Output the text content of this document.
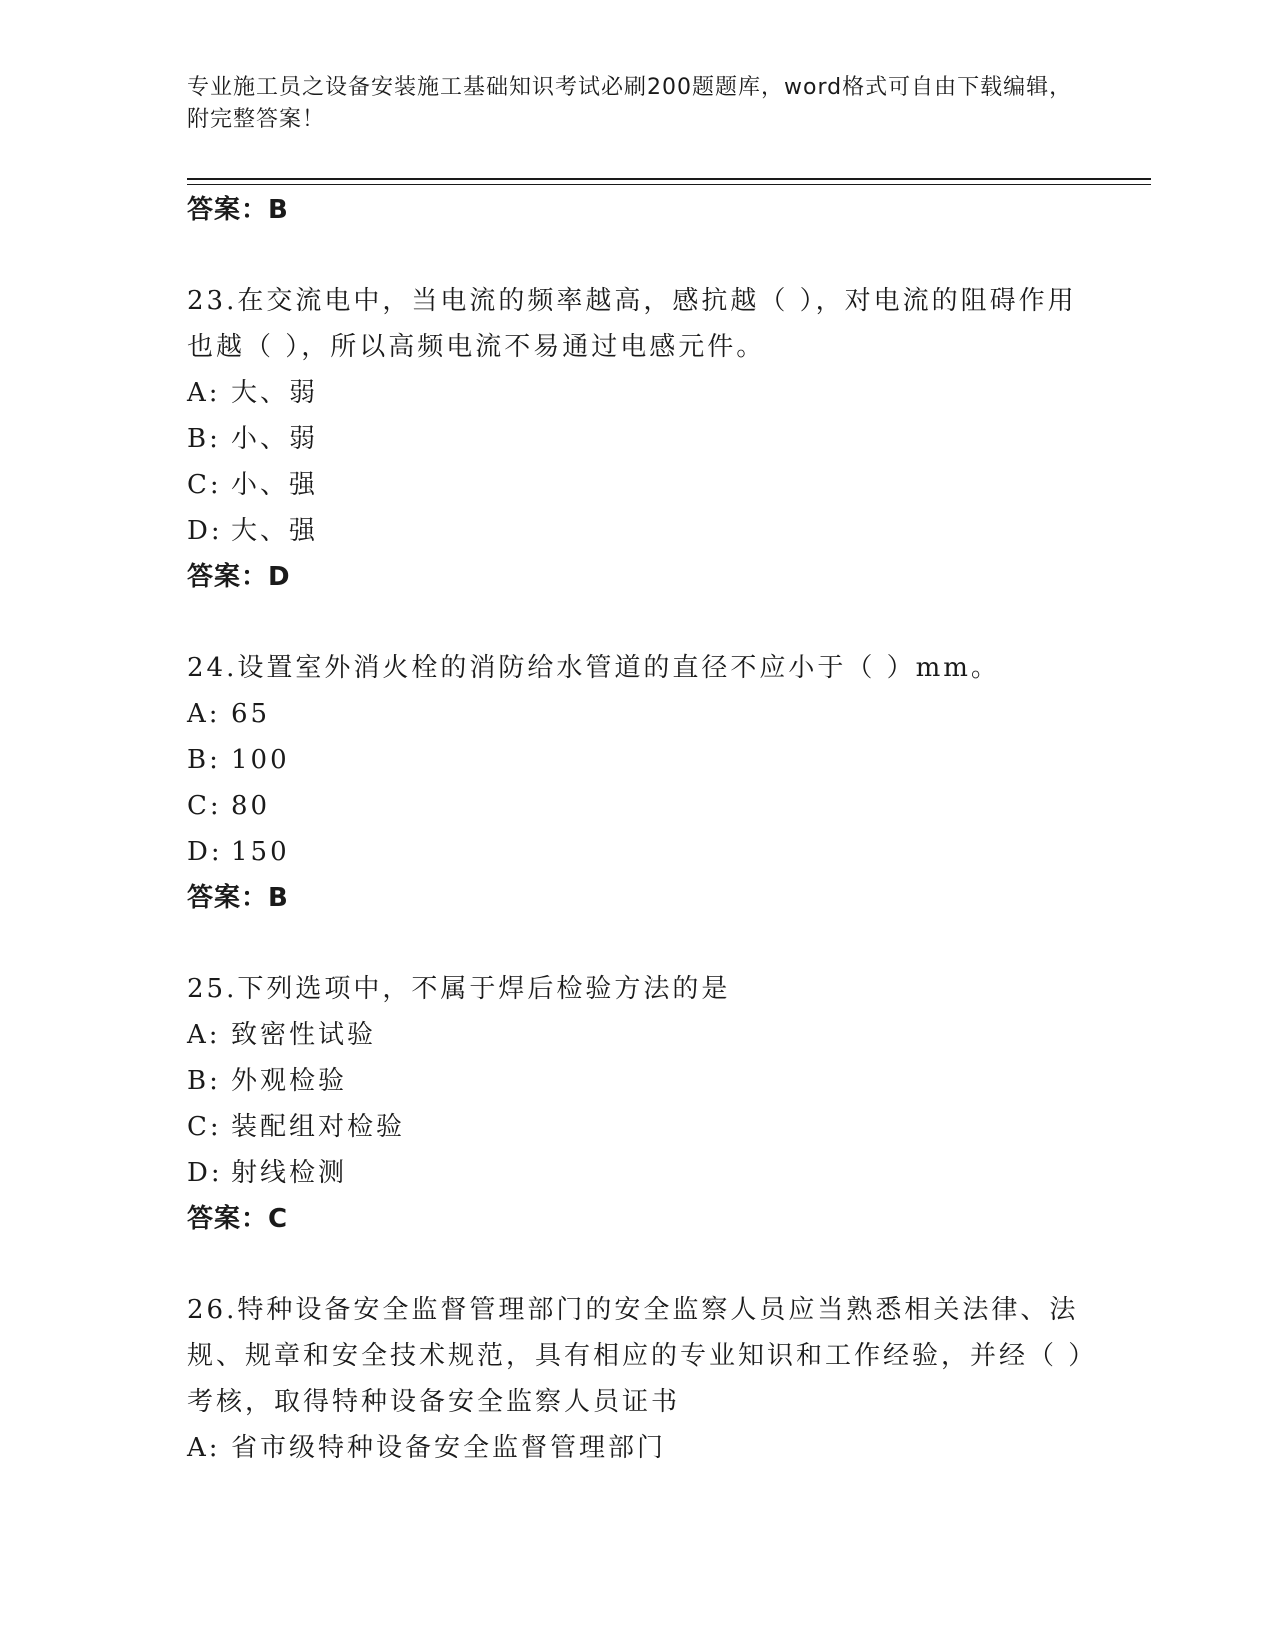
专业施工员之设备安装施工基础知识考试必刷200题题库，word格式可自由下载编辑，附完整答案！
答案：B
23.在交流电中，当电流的频率越高，感抗越（ ），对电流的阻碍作用也越（ ），所以高频电流不易通过电感元件。
A: 大、弱
B: 小、弱
C: 小、强
D: 大、强
答案：D
24.设置室外消火栓的消防给水管道的直径不应小于（ ）mm。
A: 65
B: 100
C: 80
D: 150
答案：B
25.下列选项中，不属于焊后检验方法的是
A: 致密性试验
B: 外观检验
C: 装配组对检验
D: 射线检测
答案：C
26.特种设备安全监督管理部门的安全监察人员应当熟悉相关法律、法规、规章和安全技术规范，具有相应的专业知识和工作经验，并经（ ）考核，取得特种设备安全监察人员证书
A: 省市级特种设备安全监督管理部门
